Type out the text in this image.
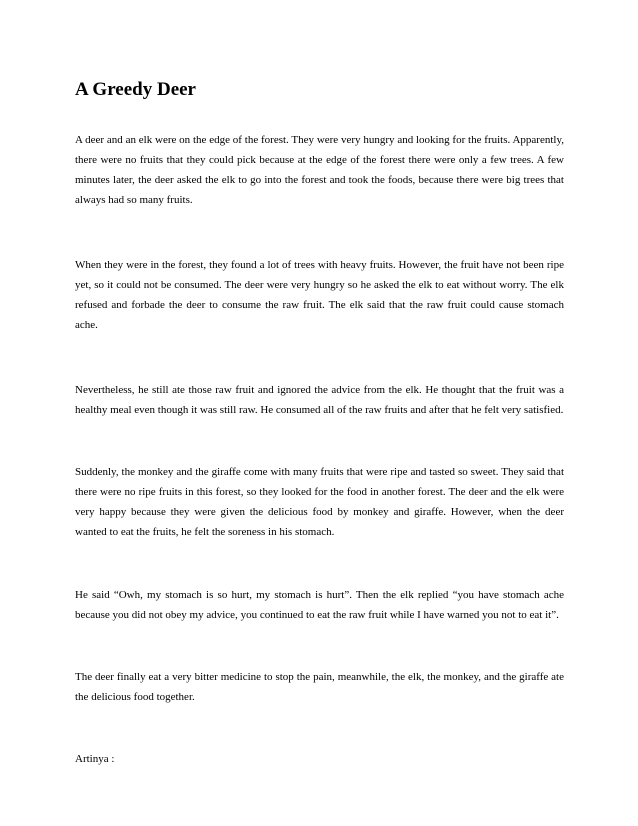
A Greedy Deer

A deer and an elk were on the edge of the forest. They were very hungry and looking for the fruits. Apparently, there were no fruits that they could pick because at the edge of the forest there were only a few trees. A few minutes later, the deer asked the elk to go into the forest and took the foods, because there were big trees that always had so many fruits.

When they were in the forest, they found a lot of trees with heavy fruits. However, the fruit have not been ripe yet, so it could not be consumed. The deer were very hungry so he asked the elk to eat without worry. The elk refused and forbade the deer to consume the raw fruit. The elk said that the raw fruit could cause stomach ache.

Nevertheless, he still ate those raw fruit and ignored the advice from the elk. He thought that the fruit was a healthy meal even though it was still raw. He consumed all of the raw fruits and after that he felt very satisfied.

Suddenly, the monkey and the giraffe come with many fruits that were ripe and tasted so sweet. They said that there were no ripe fruits in this forest, so they looked for the food in another forest. The deer and the elk were very happy because they were given the delicious food by monkey and giraffe. However, when the deer wanted to eat the fruits, he felt the soreness in his stomach.

He said “Owh, my stomach is so hurt, my stomach is hurt”. Then the elk replied “you have stomach ache because you did not obey my advice, you continued to eat the raw fruit while I have warned you not to eat it”.

The deer finally eat a very bitter medicine to stop the pain, meanwhile, the elk, the monkey, and the giraffe ate the delicious food together.

Artinya :
